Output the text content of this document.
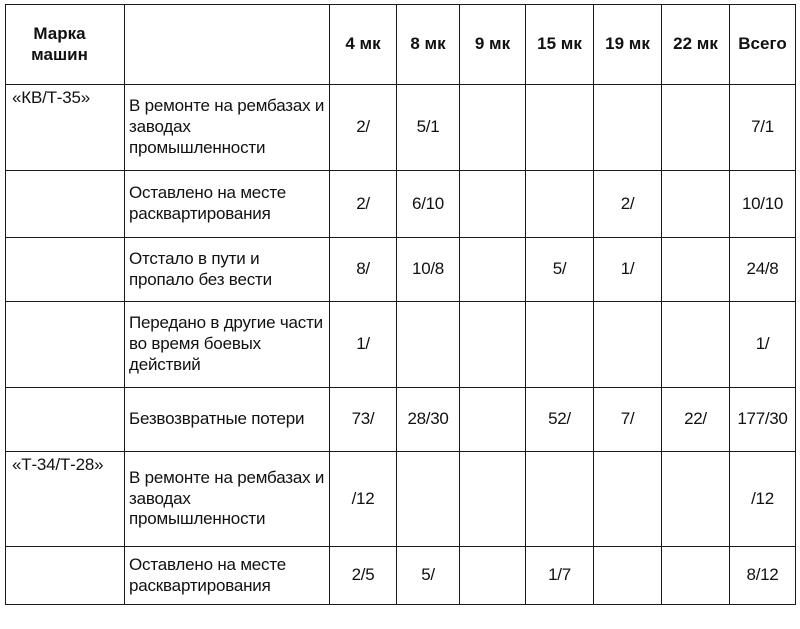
Марка машин		4 мк	8 мк	9 мк	15 мк	19 мк	22 мк	Всего
«КВ/Т-35»	В ремонте на рембазах и заводах промышленности	2/	5/1					7/1
	Оставлено на месте расквартирования	2/	6/10			2/		10/10
	Отстало в пути и пропало без вести	8/	10/8		5/	1/		24/8
	Передано в другие части во время боевых действий	1/						1/
	Безвозвратные потери	73/	28/30		52/	7/	22/	177/30
«Т-34/Т-28»	В ремонте на рембазах и заводах промышленности	/12						/12
	Оставлено на месте расквартирования	2/5	5/		1/7			8/12
